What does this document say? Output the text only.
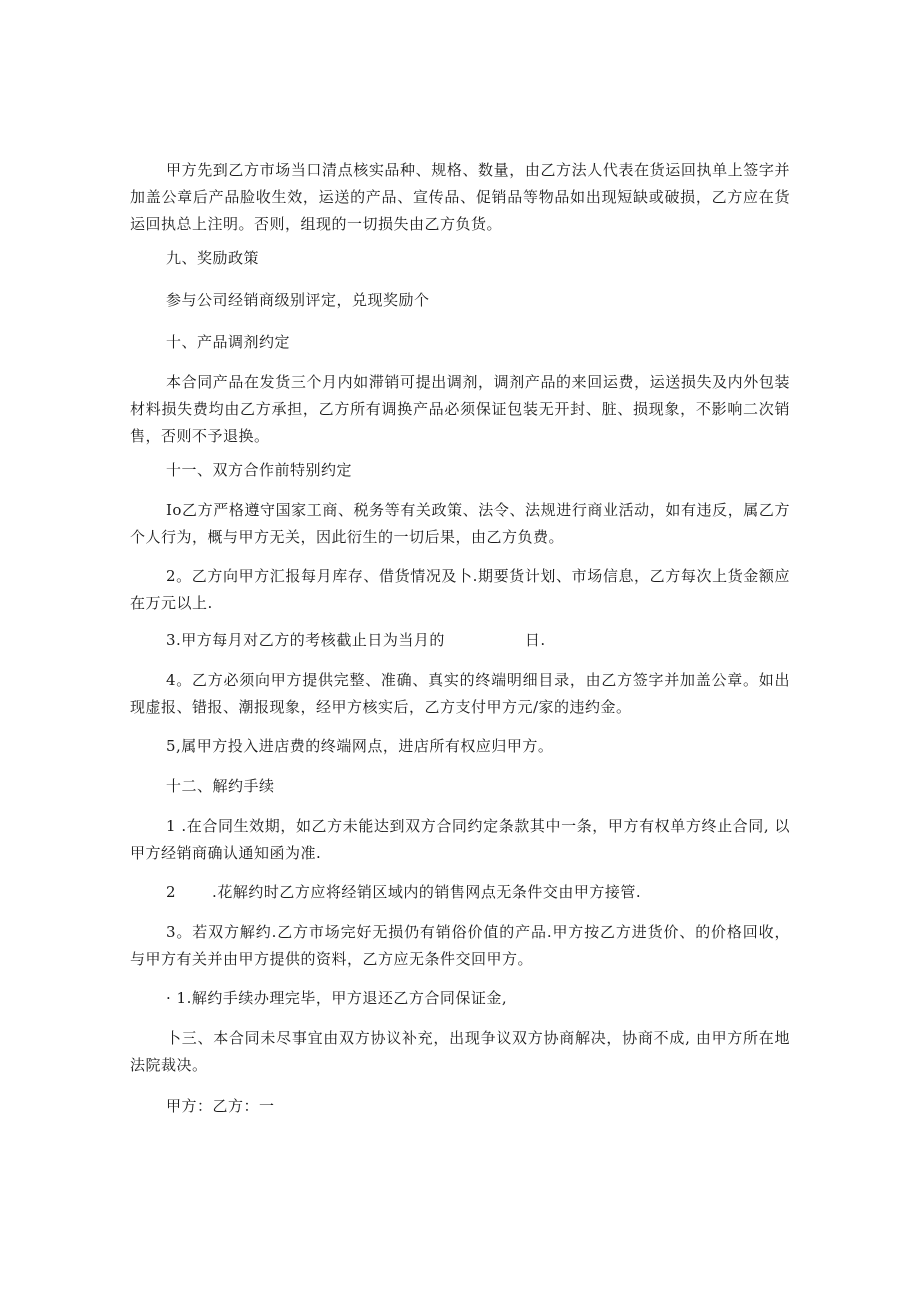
甲方先到乙方市场当口清点核实品种、规格、数量，由乙方法人代表在货运回执单上签字并加盖公章后产品脸收生效，运送的产品、宣传品、促销品等物品如出现短缺或破损，乙方应在货运回执总上注明。否则，组现的一切损失由乙方负货。

九、奖励政策

参与公司经销商级别评定，兑现奖励个

十、产品调剂约定

本合同产品在发货三个月内如滞销可提出调剂，调剂产品的来回运费，运送损失及内外包装材料损失费均由乙方承担，乙方所有调换产品必须保证包装无开封、脏、损现象，不影响二次销售，否则不予退换。

十一、双方合作前特别约定

Io乙方严格遵守国家工商、税务等有关政策、法令、法规进行商业活动，如有违反，属乙方个人行为，概与甲方无关，因此衍生的一切后果，由乙方负费。

2。乙方向甲方汇报每月库存、借货情况及卜.期要货计划、市场信息，乙方每次上货金额应在万元以上.

3.甲方每月对乙方的考核截止日为当月的	日.

4。乙方必须向甲方提供完整、准确、真实的终端明细目录，由乙方签字并加盖公章。如出现虚报、错报、潮报现象，经甲方核实后，乙方支付甲方元/家的违约金。

5,属甲方投入进店费的终端网点，进店所有权应归甲方。

十二、解约手续

1 .在合同生效期，如乙方未能达到双方合同约定条款其中一条，甲方有权单方终止合同, 以甲方经销商确认通知函为准.

2 .花解约时乙方应将经销区域内的销售网点无条件交由甲方接管.

3。若双方解约.乙方市场完好无损仍有销俗价值的产品.甲方按乙方进货价、的价格回收，与甲方有关并由甲方提供的资料，乙方应无条件交回甲方。

· 1.解约手续办理完毕，甲方退还乙方合同保证金,

卜三、本合同未尽事宜由双方协议补充，出现争议双方协商解决，协商不成, 由甲方所在地法院裁决。

甲方：乙方：一
